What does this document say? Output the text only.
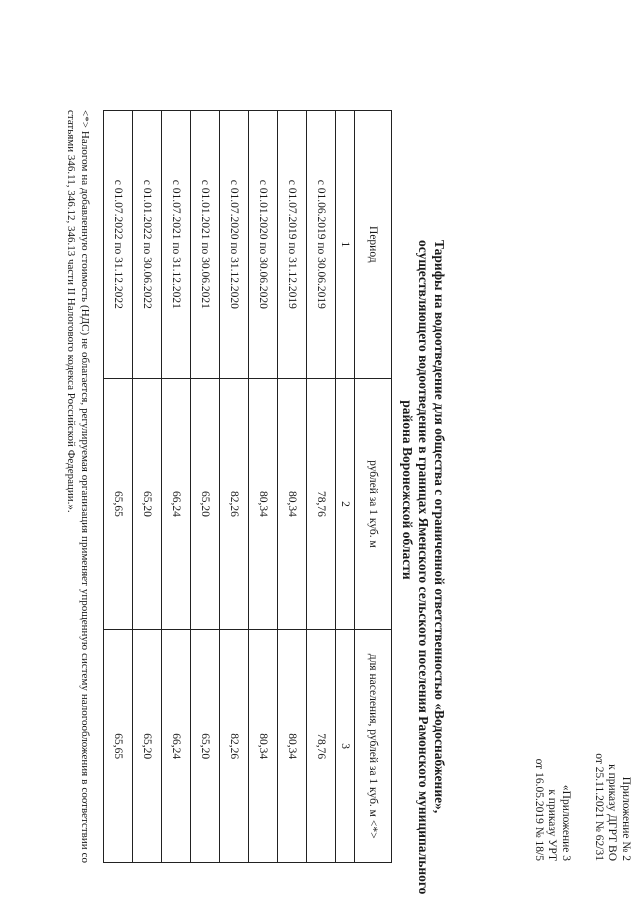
Приложение № 2
к приказу ДГРТ ВО
от 25.11.2021 № 62/31
«Приложение 3
к приказу УРТ
от 16.05.2019 № 18/5
Тарифы на водоотведение для общества с ограниченной ответственностью «Водоснабжение»,
осуществляющего водоотведение в границах Яменского сельского поселения Рамонского муниципального
района Воронежской области
Период	рублей за 1 куб. м	для населения, рублей за 1 куб. м <*>
1	2	3
с 01.06.2019 по 30.06.2019	78,76	78,76
с 01.07.2019 по 31.12.2019	80,34	80,34
с 01.01.2020 по 30.06.2020	80,34	80,34
с 01.07.2020 по 31.12.2020	82,26	82,26
с 01.01.2021 по 30.06.2021	65,20	65,20
с 01.07.2021 по 31.12.2021	66,24	66,24
с 01.01.2022 по 30.06.2022	65,20	65,20
с 01.07.2022 по 31.12.2022	65,65	65,65
<*> Налогом на добавленную стоимость (НДС) не облагается, регулируемая организация применяет упрощенную систему налогообложения в соответствии со статьями 346.11, 346.12, 346.13 части II Налогового кодекса Российской Федерации.».
